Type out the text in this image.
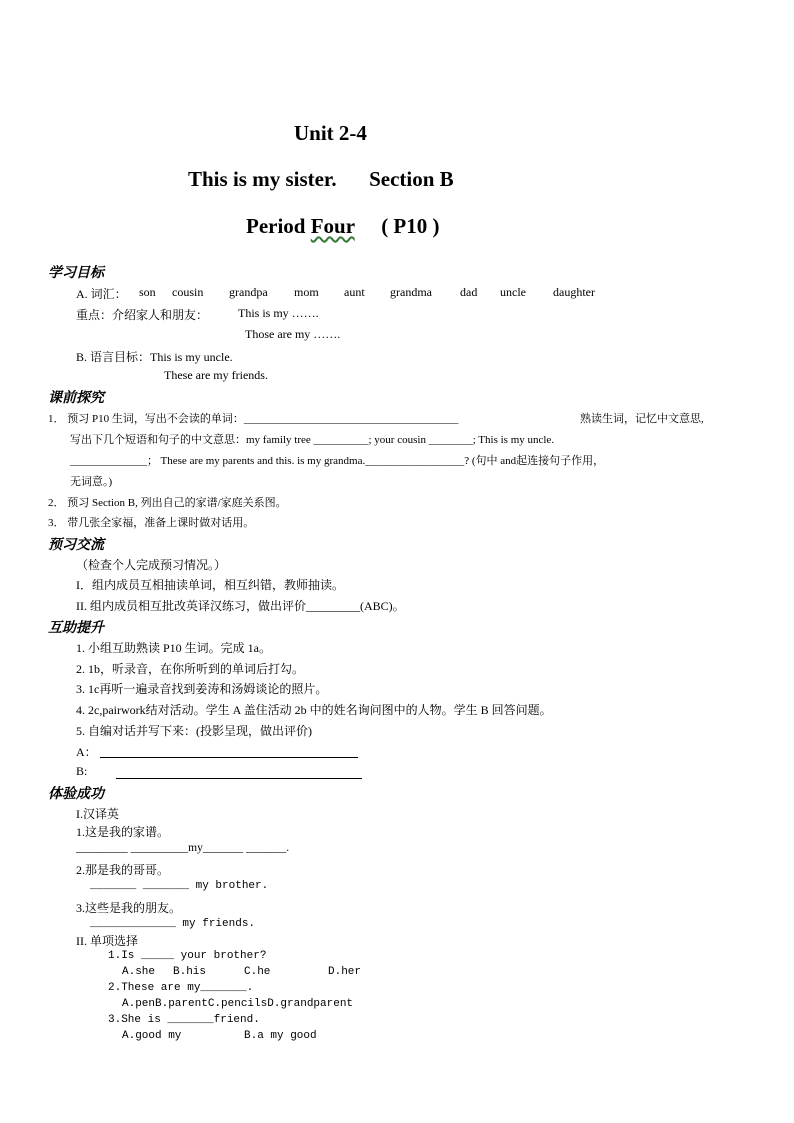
Unit 2-4
This is my sister. Section B
Period Four ( P10 )
学习目标
A. 词汇： son cousin grandpa mom aunt grandma dad uncle daughter
重点：介绍家人和朋友： This is my …….
Those are my …….
B. 语言目标：This is my uncle.
These are my friends.
课前探究
1． 预习 P10 生词，写出不会读的单词：_______________________________________	熟读生词，记忆中文意思,
写出下几个短语和句子的中文意思：my family tree __________; your cousin ________; This is my uncle.
______________； These are my parents and this. is my grandma.__________________? (句中 and起连接句子作用，
无词意。)
2． 预习 Section B, 列出自己的家谱/家庭关系图。
3． 带几张全家福，准备上课时做对话用。
预习交流
（检查个人完成预习情况。）
I．组内成员互相抽读单词，相互纠错，教师抽读。
II. 组内成员相互批改英译汉练习，做出评价_________(ABC)。
互助提升
1. 小组互助熟读 P10 生词。完成 1a。
2. 1b，听录音，在你所听到的单词后打勾。
3. 1c再听一遍录音找到姜涛和汤姆谈论的照片。
4. 2c,pairwork结对活动。学生 A 盖住活动 2b 中的姓名询问图中的人物。学生 B 回答问题。
5. 自编对话并写下来：(投影呈现，做出评价)
A：
B:
体验成功
I.汉译英
1.这是我的家谱。
_________ __________my_______ _______.
2.那是我的哥哥。
_______ _______ my brother.
3.这些是我的朋友。
_____________ my friends.
II. 单项选择
1.Is _____ your brother?
A.she B.his	C.he	D.her
2.These are my_______.
A.penB.parentC.pencilsD.grandparent
3.She is _______friend.
A.good my	B.a my good
